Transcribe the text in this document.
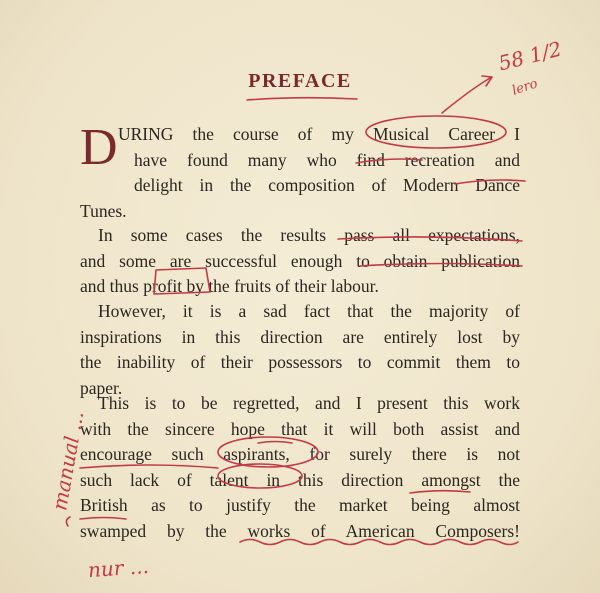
PREFACE
D URING the course of my Musical Career I
have found many who find recreation and
delight in the composition of Modern Dance
Tunes.
In some cases the results pass all expectations,
and some are successful enough to obtain publication
and thus profit by the fruits of their labour.
However, it is a sad fact that the majority of
inspirations in this direction are entirely lost by
the inability of their possessors to commit them to
paper.
This is to be regretted, and I present this work
with the sincere hope that it will both assist and
encourage such aspirants, for surely there is not
such lack of talent in this direction amongst the
British as to justify the market being almost
swamped by the works of American Composers!
58 1/2
lero
manual ...
nur ...
